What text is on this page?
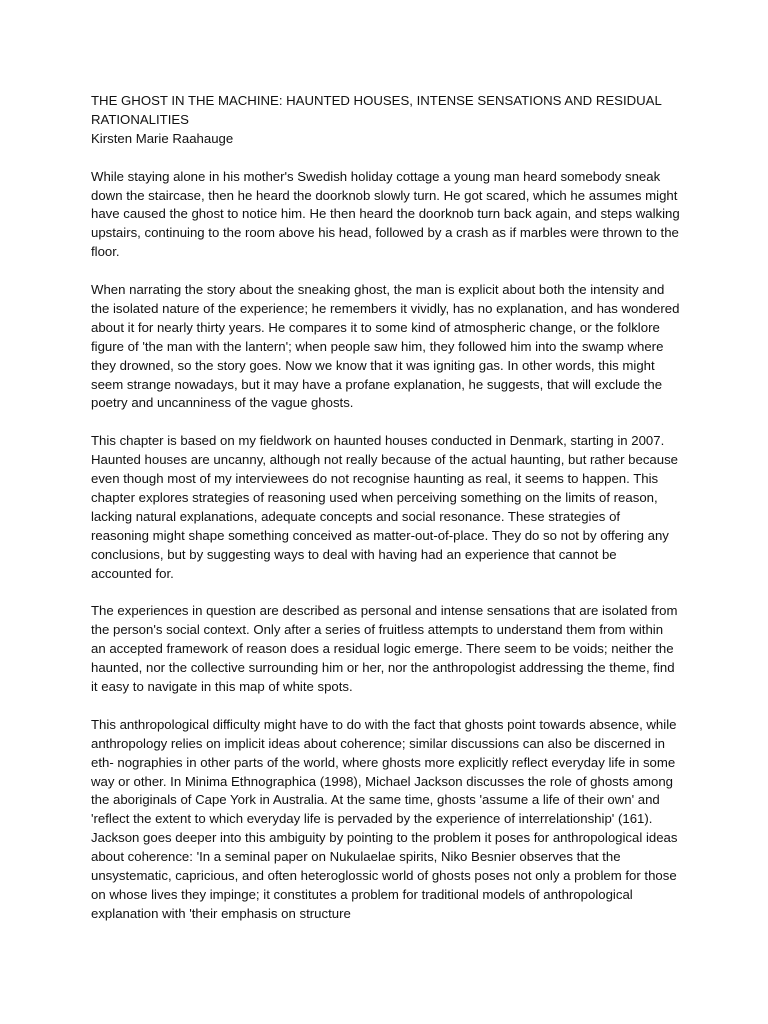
THE GHOST IN THE MACHINE: HAUNTED HOUSES, INTENSE SENSATIONS AND RESIDUAL RATIONALITIES
Kirsten Marie Raahauge

While staying alone in his mother's Swedish holiday cottage a young man heard somebody sneak down the staircase, then he heard the doorknob slowly turn. He got scared, which he assumes might have caused the ghost to notice him. He then heard the doorknob turn back again, and steps walking upstairs, continuing to the room above his head, followed by a crash as if marbles were thrown to the floor.

When narrating the story about the sneaking ghost, the man is explicit about both the intensity and the isolated nature of the experience; he remembers it vividly, has no explanation, and has wondered about it for nearly thirty years. He compares it to some kind of atmospheric change, or the folklore figure of 'the man with the lantern'; when people saw him, they followed him into the swamp where they drowned, so the story goes. Now we know that it was igniting gas. In other words, this might seem strange nowadays, but it may have a profane explanation, he suggests, that will exclude the poetry and uncanniness of the vague ghosts.

This chapter is based on my fieldwork on haunted houses conducted in Denmark, starting in 2007. Haunted houses are uncanny, although not really because of the actual haunting, but rather because even though most of my interviewees do not recognise haunting as real, it seems to happen. This chapter explores strategies of reasoning used when perceiving something on the limits of reason, lacking natural explanations, adequate concepts and social resonance. These strategies of reasoning might shape something conceived as matter-out-of-place. They do so not by offering any conclusions, but by suggesting ways to deal with having had an experience that cannot be accounted for.

The experiences in question are described as personal and intense sensations that are isolated from the person's social context. Only after a series of fruitless attempts to understand them from within an accepted framework of reason does a residual logic emerge. There seem to be voids; neither the haunted, nor the collective surrounding him or her, nor the anthropologist addressing the theme, find it easy to navigate in this map of white spots.

This anthropological difficulty might have to do with the fact that ghosts point towards absence, while anthropology relies on implicit ideas about coherence; similar discussions can also be discerned in eth- nographies in other parts of the world, where ghosts more explicitly reflect everyday life in some way or other. In Minima Ethnographica (1998), Michael Jackson discusses the role of ghosts among the aboriginals of Cape York in Australia. At the same time, ghosts 'assume a life of their own' and 'reflect the extent to which everyday life is pervaded by the experience of interrelationship' (161). Jackson goes deeper into this ambiguity by pointing to the problem it poses for anthropological ideas about coherence: 'In a seminal paper on Nukulaelae spirits, Niko Besnier observes that the unsystematic, capricious, and often heteroglossic world of ghosts poses not only a problem for those on whose lives they impinge; it constitutes a problem for traditional models of anthropological explanation with 'their emphasis on structure
